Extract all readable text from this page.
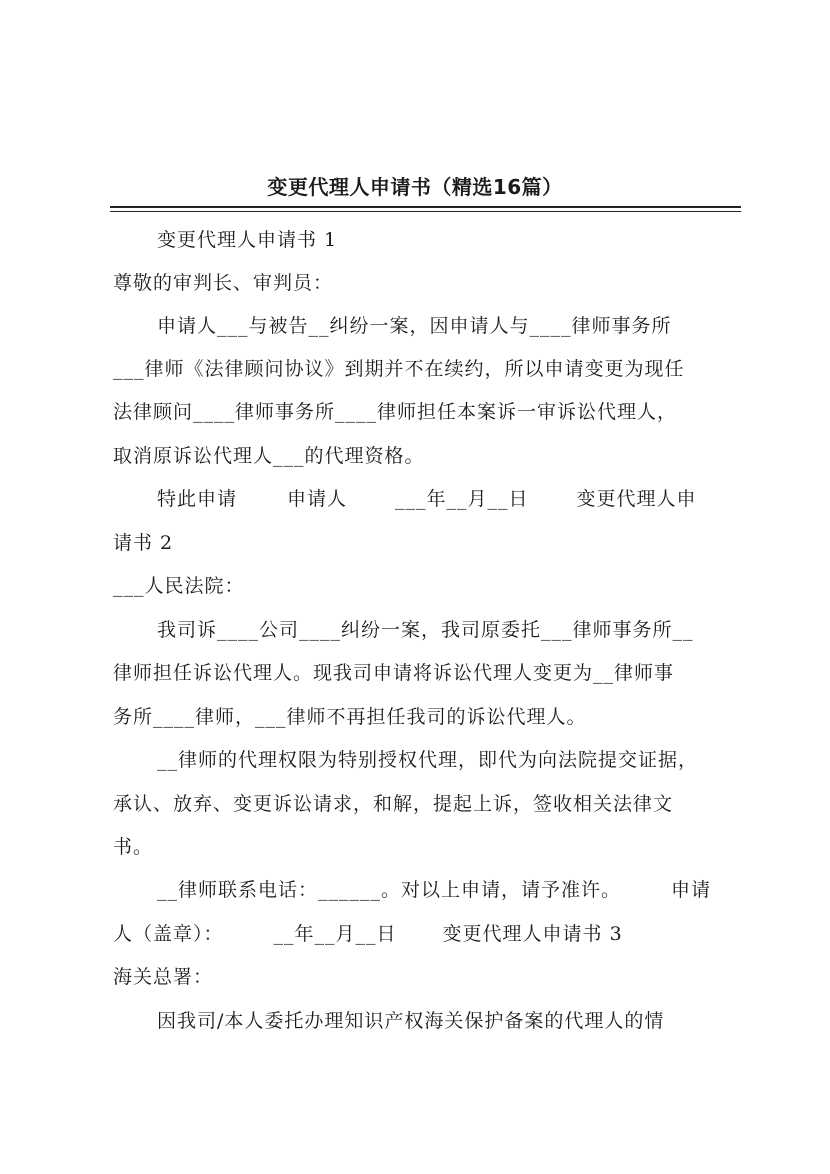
变更代理人申请书（精选16篇）
变更代理人申请书 1
尊敬的审判长、审判员：
申请人___与被告__纠纷一案，因申请人与____律师事务所
___律师《法律顾问协议》到期并不在续约，所以申请变更为现任
法律顾问____律师事务所____律师担任本案诉一审诉讼代理人，
取消原诉讼代理人___的代理资格。
特此申请	申请人	___年__月__日	变更代理人申
请书 2
___人民法院：
我司诉____公司____纠纷一案，我司原委托___律师事务所__
律师担任诉讼代理人。现我司申请将诉讼代理人变更为__律师事
务所____律师，___律师不再担任我司的诉讼代理人。
__律师的代理权限为特别授权代理，即代为向法院提交证据，
承认、放弃、变更诉讼请求，和解，提起上诉，签收相关法律文
书。
__律师联系电话：______。对以上申请，请予准许。	申请
人（盖章）：	__年__月__日 变更代理人申请书 3
海关总署：
因我司/本人委托办理知识产权海关保护备案的代理人的情
